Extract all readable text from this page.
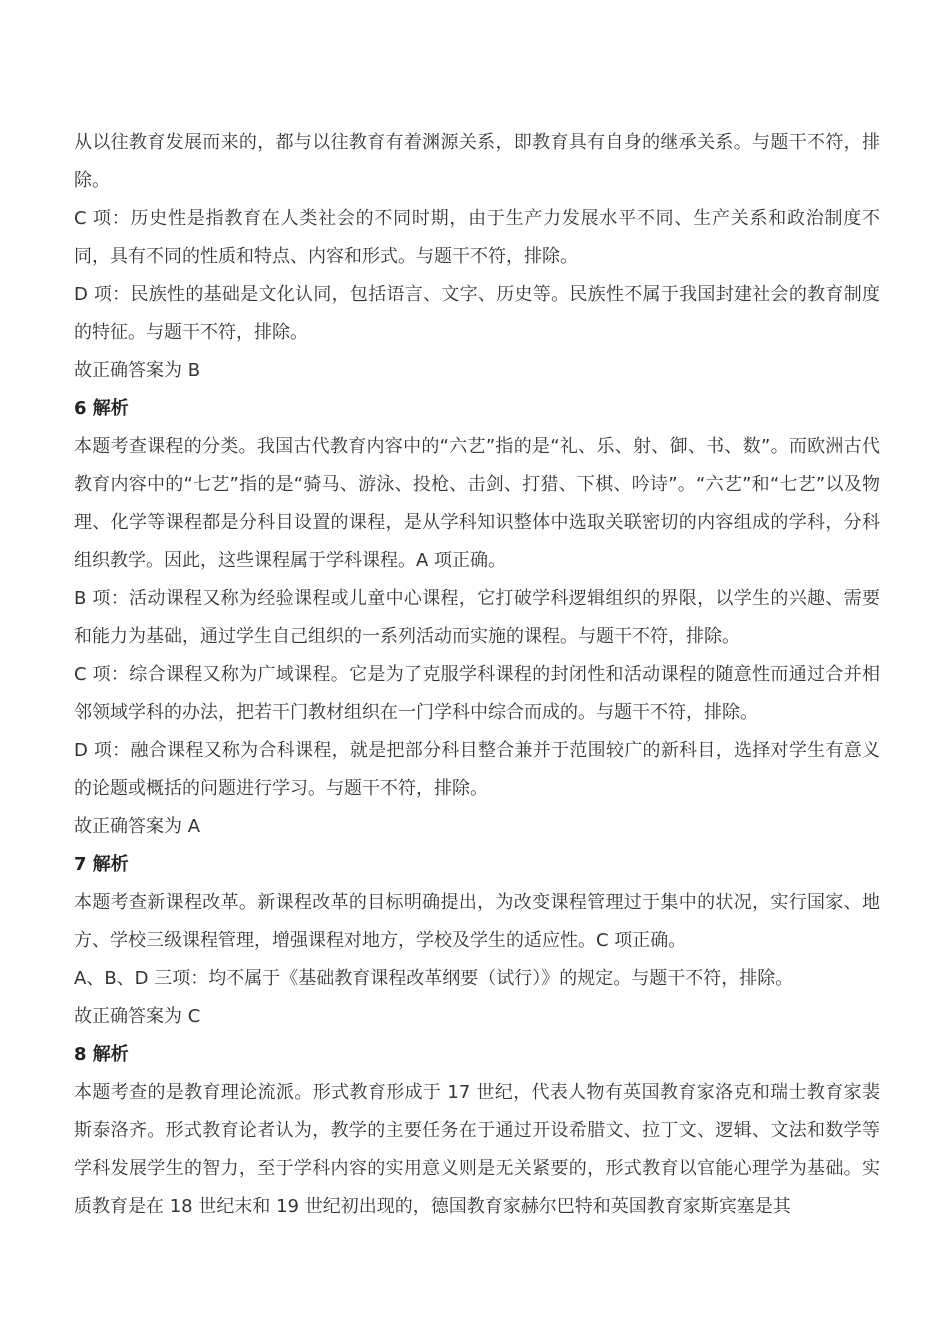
从以往教育发展而来的，都与以往教育有着渊源关系，即教育具有自身的继承关系。与题干不符，排除。

C 项：历史性是指教育在人类社会的不同时期，由于生产力发展水平不同、生产关系和政治制度不同，具有不同的性质和特点、内容和形式。与题干不符，排除。

D 项：民族性的基础是文化认同，包括语言、文字、历史等。民族性不属于我国封建社会的教育制度的特征。与题干不符，排除。

故正确答案为 B

6 解析

本题考查课程的分类。我国古代教育内容中的“六艺”指的是“礼、乐、射、御、书、数”。而欧洲古代教育内容中的“七艺”指的是“骑马、游泳、投枪、击剑、打猎、下棋、吟诗”。“六艺”和“七艺”以及物理、化学等课程都是分科目设置的课程，是从学科知识整体中选取关联密切的内容组成的学科，分科组织教学。因此，这些课程属于学科课程。A 项正确。

B 项：活动课程又称为经验课程或儿童中心课程，它打破学科逻辑组织的界限，以学生的兴趣、需要和能力为基础，通过学生自己组织的一系列活动而实施的课程。与题干不符，排除。

C 项：综合课程又称为广域课程。它是为了克服学科课程的封闭性和活动课程的随意性而通过合并相邻领域学科的办法，把若干门教材组织在一门学科中综合而成的。与题干不符，排除。

D 项：融合课程又称为合科课程，就是把部分科目整合兼并于范围较广的新科目，选择对学生有意义的论题或概括的问题进行学习。与题干不符，排除。

故正确答案为 A

7 解析

本题考查新课程改革。新课程改革的目标明确提出，为改变课程管理过于集中的状况，实行国家、地方、学校三级课程管理，增强课程对地方，学校及学生的适应性。C 项正确。

A、B、D 三项：均不属于《基础教育课程改革纲要（试行）》的规定。与题干不符，排除。

故正确答案为 C

8 解析

本题考查的是教育理论流派。形式教育形成于 17 世纪，代表人物有英国教育家洛克和瑞士教育家裴斯泰洛齐。形式教育论者认为，教学的主要任务在于通过开设希腊文、拉丁文、逻辑、文法和数学等学科发展学生的智力，至于学科内容的实用意义则是无关紧要的，形式教育以官能心理学为基础。实质教育是在 18 世纪末和 19 世纪初出现的，德国教育家赫尔巴特和英国教育家斯宾塞是其
